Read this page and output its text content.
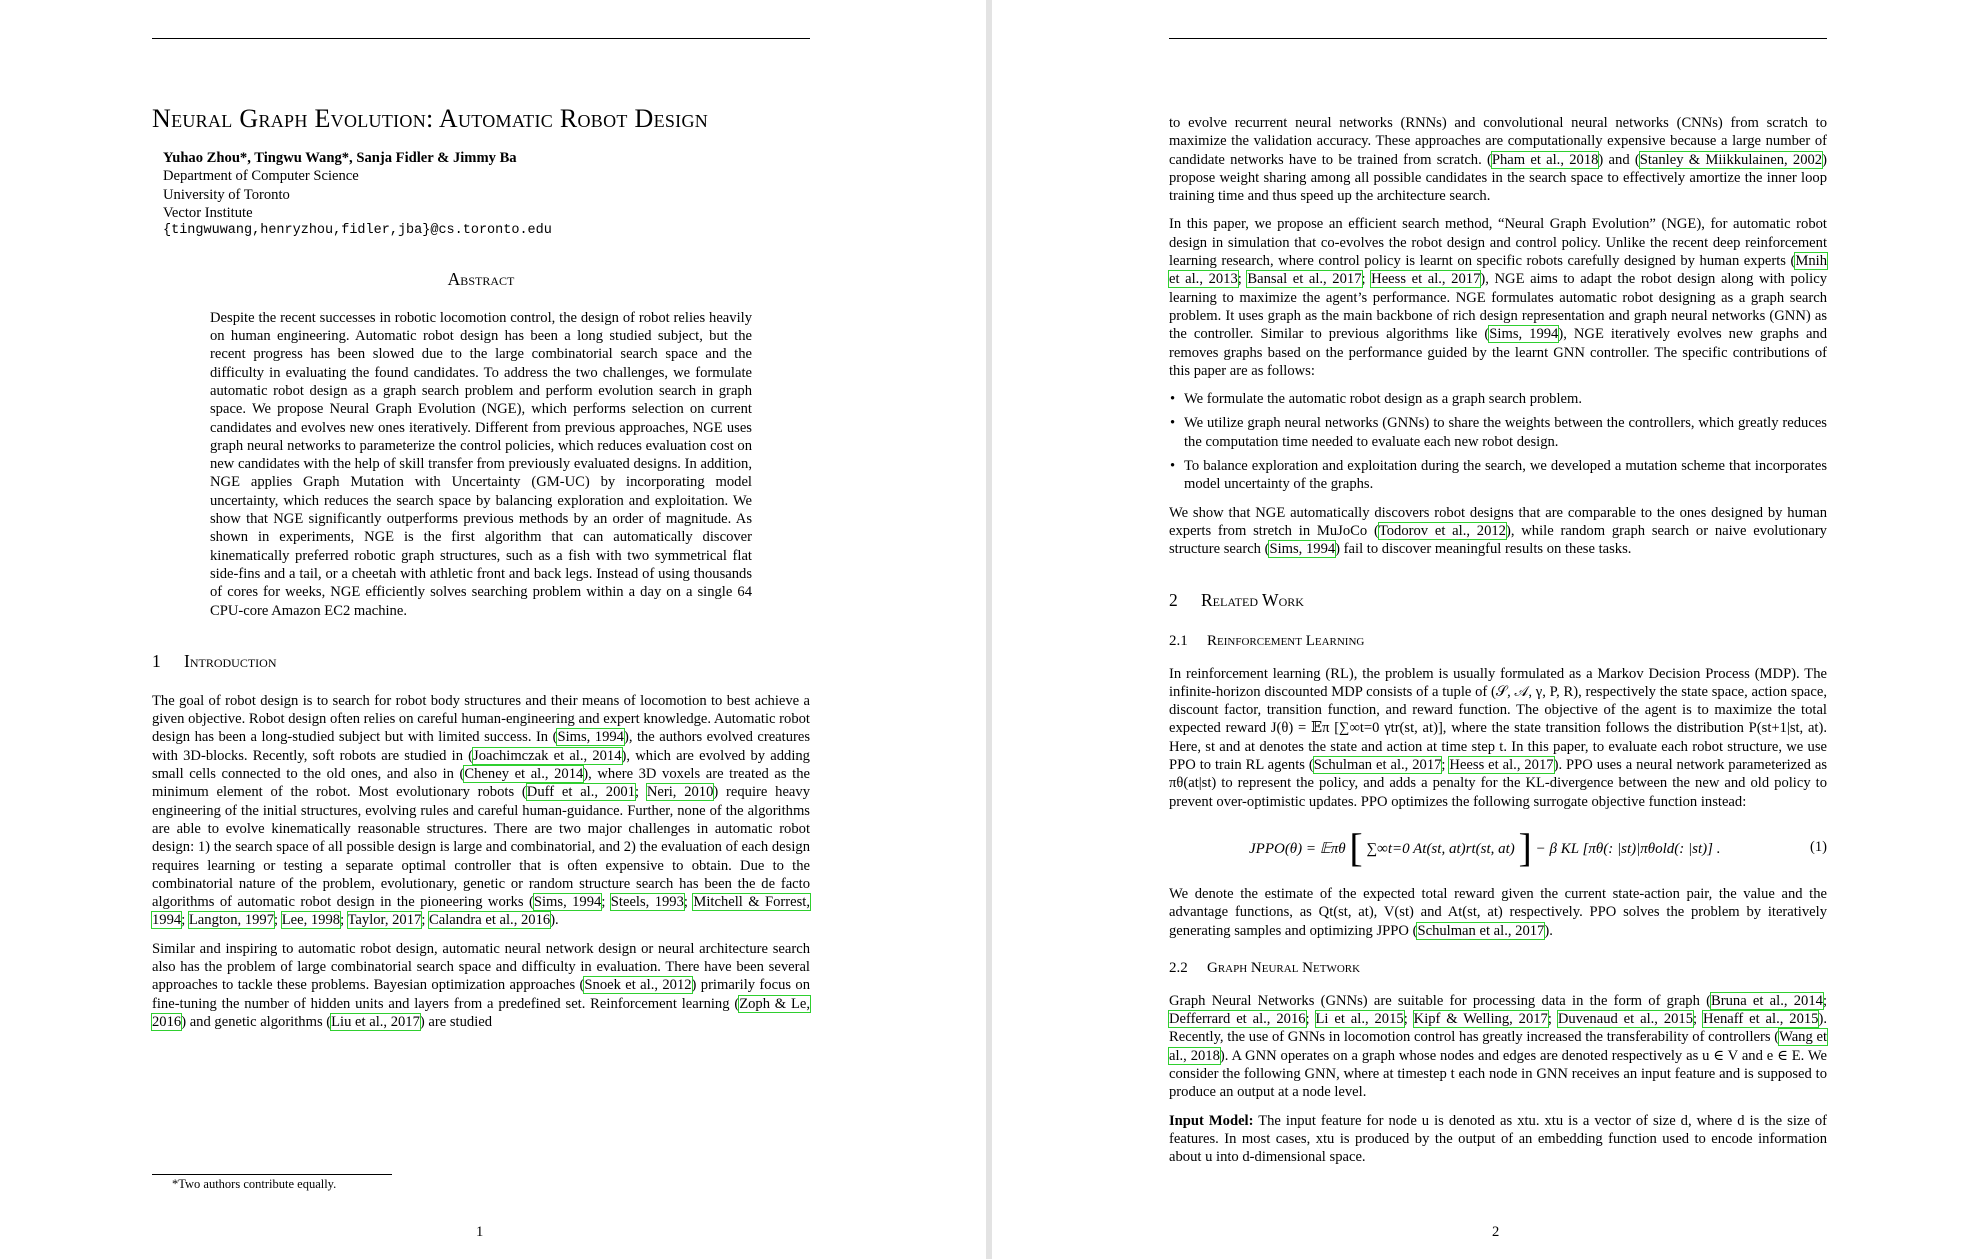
Neural Graph Evolution: Automatic Robot Design
Yuhao Zhou*, Tingwu Wang*, Sanja Fidler & Jimmy Ba
Department of Computer Science
University of Toronto
Vector Institute
{tingwuwang,henryzhou,fidler,jba}@cs.toronto.edu
Abstract

Despite the recent successes in robotic locomotion control, the design of robot relies heavily on human engineering. Automatic robot design has been a long studied subject, but the recent progress has been slowed due to the large combinatorial search space and the difficulty in evaluating the found candidates. To address the two challenges, we formulate automatic robot design as a graph search problem and perform evolution search in graph space. We propose Neural Graph Evolution (NGE), which performs selection on current candidates and evolves new ones iteratively. Different from previous approaches, NGE uses graph neural networks to parameterize the control policies, which reduces evaluation cost on new candidates with the help of skill transfer from previously evaluated designs. In addition, NGE applies Graph Mutation with Uncertainty (GM-UC) by incorporating model uncertainty, which reduces the search space by balancing exploration and exploitation. We show that NGE significantly outperforms previous methods by an order of magnitude. As shown in experiments, NGE is the first algorithm that can automatically discover kinematically preferred robotic graph structures, such as a fish with two symmetrical flat side-fins and a tail, or a cheetah with athletic front and back legs. Instead of using thousands of cores for weeks, NGE efficiently solves searching problem within a day on a single 64 CPU-core Amazon EC2 machine.

1 Introduction

The goal of robot design is to search for robot body structures and their means of locomotion to best achieve a given objective. Robot design often relies on careful human-engineering and expert knowledge. Automatic robot design has been a long-studied subject but with limited success. In (Sims, 1994), the authors evolved creatures with 3D-blocks. Recently, soft robots are studied in (Joachimczak et al., 2014), which are evolved by adding small cells connected to the old ones, and also in (Cheney et al., 2014), where 3D voxels are treated as the minimum element of the robot. Most evolutionary robots (Duff et al., 2001; Neri, 2010) require heavy engineering of the initial structures, evolving rules and careful human-guidance. Further, none of the algorithms are able to evolve kinematically reasonable structures. There are two major challenges in automatic robot design: 1) the search space of all possible design is large and combinatorial, and 2) the evaluation of each design requires learning or testing a separate optimal controller that is often expensive to obtain. Due to the combinatorial nature of the problem, evolutionary, genetic or random structure search has been the de facto algorithms of automatic robot design in the pioneering works (Sims, 1994; Steels, 1993; Mitchell & Forrest, 1994; Langton, 1997; Lee, 1998; Taylor, 2017; Calandra et al., 2016).

Similar and inspiring to automatic robot design, automatic neural network design or neural architecture search also has the problem of large combinatorial search space and difficulty in evaluation. There have been several approaches to tackle these problems. Bayesian optimization approaches (Snoek et al., 2012) primarily focus on fine-tuning the number of hidden units and layers from a predefined set. Reinforcement learning (Zoph & Le, 2016) and genetic algorithms (Liu et al., 2017) are studied

*Two authors contribute equally.
1

to evolve recurrent neural networks (RNNs) and convolutional neural networks (CNNs) from scratch to maximize the validation accuracy. These approaches are computationally expensive because a large number of candidate networks have to be trained from scratch. (Pham et al., 2018) and (Stanley & Miikkulainen, 2002) propose weight sharing among all possible candidates in the search space to effectively amortize the inner loop training time and thus speed up the architecture search.

In this paper, we propose an efficient search method, “Neural Graph Evolution” (NGE), for automatic robot design in simulation that co-evolves the robot design and control policy. Unlike the recent deep reinforcement learning research, where control policy is learnt on specific robots carefully designed by human experts (Mnih et al., 2013; Bansal et al., 2017; Heess et al., 2017), NGE aims to adapt the robot design along with policy learning to maximize the agent’s performance. NGE formulates automatic robot designing as a graph search problem. It uses graph as the main backbone of rich design representation and graph neural networks (GNN) as the controller. Similar to previous algorithms like (Sims, 1994), NGE iteratively evolves new graphs and removes graphs based on the performance guided by the learnt GNN controller. The specific contributions of this paper are as follows:

• We formulate the automatic robot design as a graph search problem.
• We utilize graph neural networks (GNNs) to share the weights between the controllers, which greatly reduces the computation time needed to evaluate each new robot design.
• To balance exploration and exploitation during the search, we developed a mutation scheme that incorporates model uncertainty of the graphs.

We show that NGE automatically discovers robot designs that are comparable to the ones designed by human experts from stretch in MuJoCo (Todorov et al., 2012), while random graph search or naive evolutionary structure search (Sims, 1994) fail to discover meaningful results on these tasks.

2 Related Work
2.1 Reinforcement Learning

In reinforcement learning (RL), the problem is usually formulated as a Markov Decision Process (MDP). The infinite-horizon discounted MDP consists of a tuple of (𝒮, 𝒜, γ, P, R), respectively the state space, action space, discount factor, transition function, and reward function. The objective of the agent is to maximize the total expected reward J(θ) = 𝔼π [∑∞t=0 γtr(st, at)], where the state transition follows the distribution P(st+1|st, at). Here, st and at denotes the state and action at time step t. In this paper, to evaluate each robot structure, we use PPO to train RL agents (Schulman et al., 2017; Heess et al., 2017). PPO uses a neural network parameterized as πθ(at|st) to represent the policy, and adds a penalty for the KL-divergence between the new and old policy to prevent over-optimistic updates. PPO optimizes the following surrogate objective function instead:

JPPO(θ) = 𝔼πθ [ ∑∞t=0 At(st, at)rt(st, at) ] − β KL [πθ(: |st)|πθold(: |st)] .	(1)

We denote the estimate of the expected total reward given the current state-action pair, the value and the advantage functions, as Qt(st, at), V(st) and At(st, at) respectively. PPO solves the problem by iteratively generating samples and optimizing JPPO (Schulman et al., 2017).

2.2 Graph Neural Network

Graph Neural Networks (GNNs) are suitable for processing data in the form of graph (Bruna et al., 2014; Defferrard et al., 2016; Li et al., 2015; Kipf & Welling, 2017; Duvenaud et al., 2015; Henaff et al., 2015). Recently, the use of GNNs in locomotion control has greatly increased the transferability of controllers (Wang et al., 2018). A GNN operates on a graph whose nodes and edges are denoted respectively as u ∈ V and e ∈ E. We consider the following GNN, where at timestep t each node in GNN receives an input feature and is supposed to produce an output at a node level.

Input Model: The input feature for node u is denoted as xtu. xtu is a vector of size d, where d is the size of features. In most cases, xtu is produced by the output of an embedding function used to encode information about u into d-dimensional space.

2
